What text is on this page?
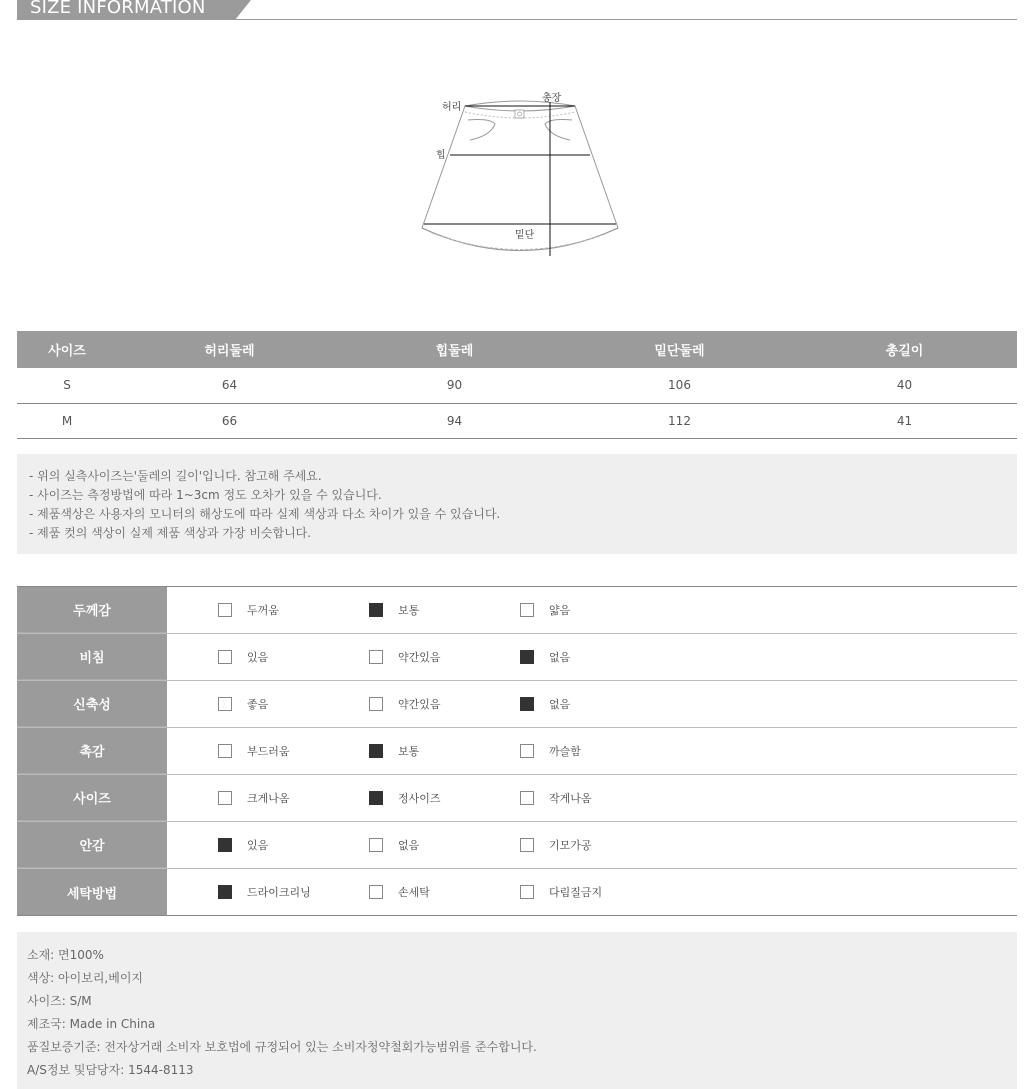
SIZE INFORMATION
허리
총장
힙
밑단
사이즈	허리둘레	힙둘레	밑단둘레	총길이
S	64	90	106	40
M	66	94	112	41

- 위의 실측사이즈는'둘레의 길이'입니다. 참고해 주세요.

- 사이즈는 측정방법에 따라 1~3cm 정도 오차가 있을 수 있습니다.

- 제품색상은 사용자의 모니터의 해상도에 따라 실제 색상과 다소 차이가 있을 수 있습니다.

- 제품 컷의 색상이 실제 제품 색상과 가장 비슷합니다.

두께감	두꺼움	보통	얇음
비침	있음	약간있음	없음
신축성	좋음	약간있음	없음
촉감	부드러움	보통	까슬함
사이즈	크게나옴	정사이즈	작게나옴
안감	있음	없음	기모가공
세탁방법	드라이크리닝	손세탁	다림질금지

소재: 면100%

색상: 아이보리,베이지

사이즈: S/M

제조국: Made in China

품질보증기준: 전자상거래 소비자 보호법에 규정되어 있는 소비자청약철회가능범위를 준수합니다.

A/S정보 및담당자: 1544-8113
